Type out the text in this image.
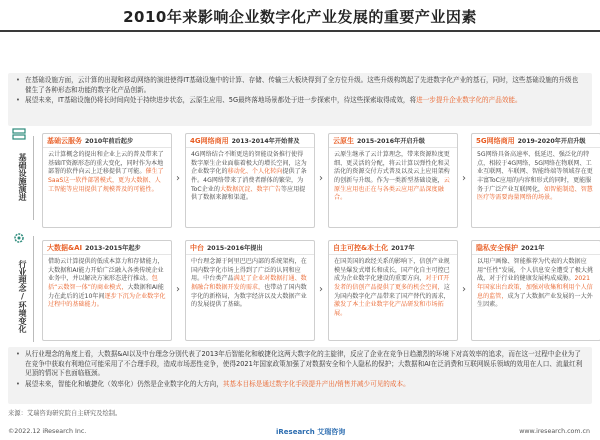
2010年来影响企业数字化产业发展的重要产业因素

• 在基础设施方面，云计算的出现和移动网络的演进使得IT基础设施中的计算、存储、传输三大板块得到了全方位升级。这些升级构筑起了先进数字化产业的基石，同时，这些基础设施的升级也催生了各种形态和功能的数字化产品创新。

• 展望未来，IT基础设施仍将长时间向处于持续进步状态，云原生应用、5G最终落地场景都处于进一步探索中，待这些探索取得成效，将进一步提升企业数字化的产品效能。

基础设施演进
行业理念/环境变化
基础云服务 2010年前后起步
云计算概念的提出和企业上云的普及带来了基础IT资源形态的重大变化，同时作为本地部署的软件向云上迁移提供了可能。催生了SaaS这一软件部署模式，更为大数据、人工智能等应用提供了规模普及的可能性。
›
4G网络商用 2013-2014年开始普及
4G网络结合不断更迭的智能设备推行使得数字原生企业面临着极大的增长空间，这为企业数字化的移动化、个人化转向提供了条件。4G网络带来了消费者群体的繁荣，为ToC企业的大数据沉淀、数字广告等应用提供了数据来源和渠道。
›
云原生 2015-2016年开启升级
云原生继承了云计算理念，带来资源粒度更细、更灵活的分配，将云计算以弹性化和灵活化的资源交付方式普及以及云上应用架构的创新与升级。作为一类新型基础设施，云原生应用也正在与各类云应用产品深度融合。
›
5G网络商用 2019-2020年开启升级
5G网络具备高速率、低延迟、强泛化的特点，相较于4G网络，5G网络在物联网、工业互联网、车联网、智能终端等领域存在更丰富ToC应用的内容和形式的同时，更能服务于广泛产业互联网化，如智能制造、智慧医疗等需要海量网络的场景。
大数据&AI 2013-2015年起步
借助云计算提供的低成本算力和存储能力，大数据和AI能力开始广泛融入各类传统企业业务中，并以解决方案形态进行推动。包括“云数智一体”的商业模式，大数据和AI能力在此后的近10年间逐步下沉为企业数字化过程中的基础能力。
›
中台 2015-2016年提出
中台理念源于阿里巴巴内部的系统架构，在国内数字化市场上得到了广泛的认同和应用。中台类产品满足了企业对数据打通、数据融合和数据开发的需求，也带动了国内数字化的新格局，为数字经济以及大数据产业的发展提供了基础。
›
自主可控&本土化 2017年
在国美国的政经关系的影响下，信创产业规模呈爆发式增长和成长，国产化自主可控已成为企业数字化建设的重要方向，对于IT开发者的信创产品提供了更多的机会空间，这为国内数字化产品带来了国产替代的需求，激发了本土企业数字化产品研发和市场拓展。
›
隐私安全保护 2021年
以用户画像、智能推荐为代表的大数据应用“任性”发展，个人信息安全遭受了极大挑战，对于行业的健康发展构成威胁。2021年国家出台政策，加强对收集和利用个人信息的监管，成为了大数据产业发展的一大外生因素。

• 从行业理念的角度上看，大数据&AI以及中台理念分别代表了2013年后智能化和敏捷化这两大数字化的主旋律，反应了企业在竞争日趋激烈的环境下对高效率的追求，而在这一过程中企业为了在竞争中获取有利地位可能采用了不合理手段，造成市场恶性竞争，使得2021年国家政策加强了对数据安全和个人隐私的保护；大数据和AI在泛消费和互联网娱乐领域的效用在人口、流量红利见顶的情况下也面临瓶颈。

• 展望未来，智能化和敏捷化（效率化）仍然是企业数字化的大方向，其基本目标是通过数字化手段提升产出/销售并减少可见的成本。

来源：艾瑞咨询研究院自主研究及绘制。
©2022.12 iResearch Inc.	iResearch 艾瑞咨询	www.iresearch.com.cn
